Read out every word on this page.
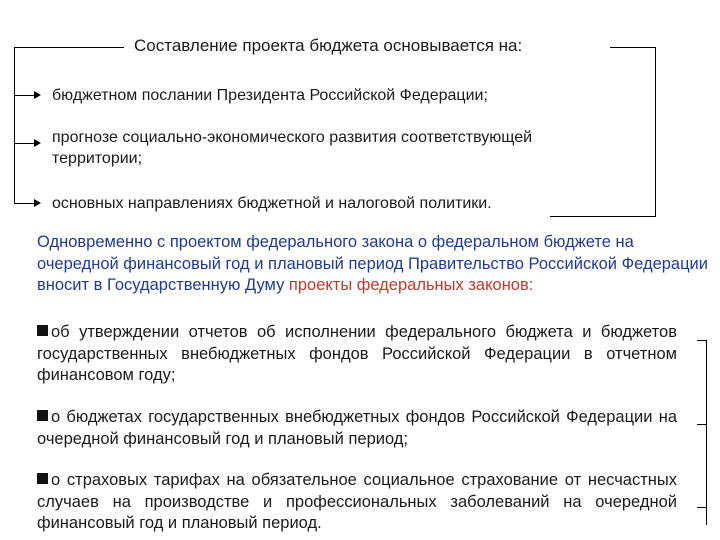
Составление проекта бюджета основывается на:
бюджетном послании Президента Российской Федерации;
прогнозе социально-экономического развития соответствующей
территории;
основных направлениях бюджетной и налоговой политики.
Одновременно с проектом федерального закона о федеральном бюджете на очередной финансовый год и плановый период Правительство Российской Федерации вносит в Государственную Думу проекты федеральных законов:
об утверждении отчетов об исполнении федерального бюджета и бюджетов государственных внебюджетных фондов Российской Федерации в отчетном финансовом году;
о бюджетах государственных внебюджетных фондов Российской Федерации на очередной финансовый год и плановый период;
о страховых тарифах на обязательное социальное страхование от несчастных случаев на производстве и профессиональных заболеваний на очередной финансовый год и плановый период.
